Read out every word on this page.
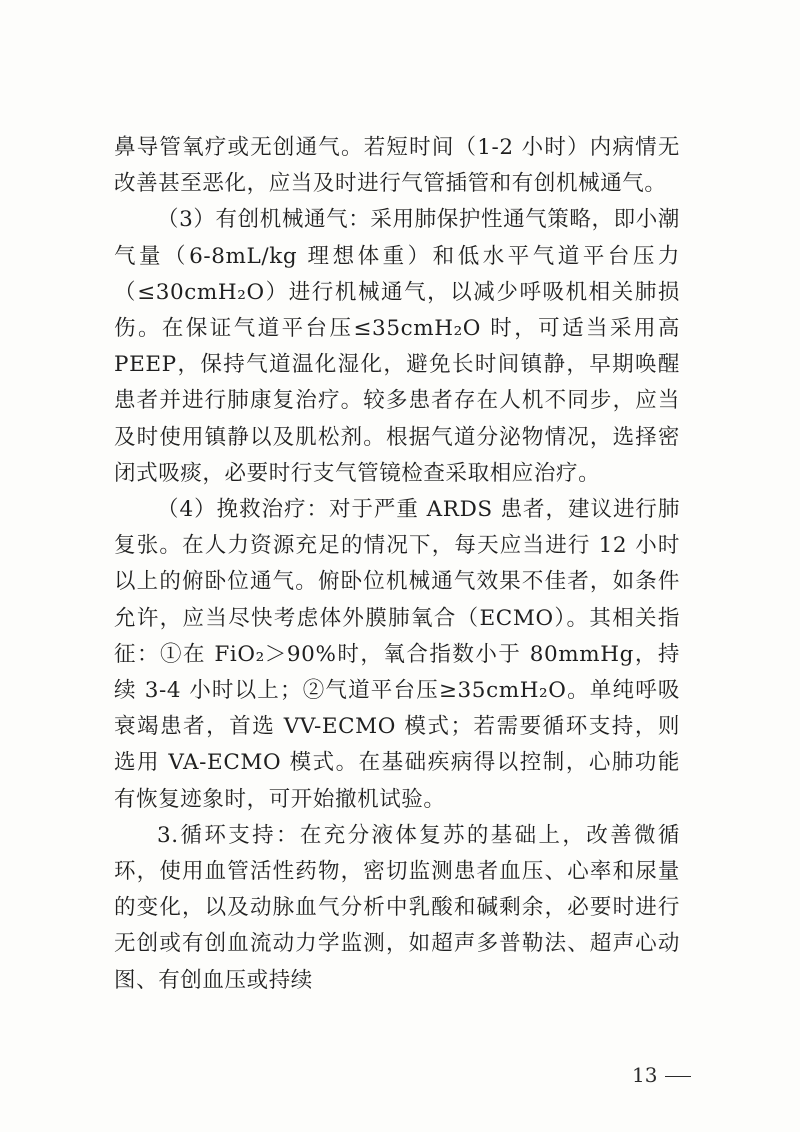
鼻导管氧疗或无创通气。若短时间（1-2 小时）内病情无改善甚至恶化，应当及时进行气管插管和有创机械通气。

（3）有创机械通气：采用肺保护性通气策略，即小潮气量（6-8mL/kg 理想体重）和低水平气道平台压力（≤30cmH₂O）进行机械通气，以减少呼吸机相关肺损伤。在保证气道平台压≤35cmH₂O 时，可适当采用高 PEEP，保持气道温化湿化，避免长时间镇静，早期唤醒患者并进行肺康复治疗。较多患者存在人机不同步，应当及时使用镇静以及肌松剂。根据气道分泌物情况，选择密闭式吸痰，必要时行支气管镜检查采取相应治疗。

（4）挽救治疗：对于严重 ARDS 患者，建议进行肺复张。在人力资源充足的情况下，每天应当进行 12 小时以上的俯卧位通气。俯卧位机械通气效果不佳者，如条件允许，应当尽快考虑体外膜肺氧合（ECMO）。其相关指征：①在 FiO₂＞90%时，氧合指数小于 80mmHg，持续 3-4 小时以上；②气道平台压≥35cmH₂O。单纯呼吸衰竭患者，首选 VV-ECMO 模式；若需要循环支持，则选用 VA-ECMO 模式。在基础疾病得以控制，心肺功能有恢复迹象时，可开始撤机试验。

3.循环支持：在充分液体复苏的基础上，改善微循环，使用血管活性药物，密切监测患者血压、心率和尿量的变化，以及动脉血气分析中乳酸和碱剩余，必要时进行无创或有创血流动力学监测，如超声多普勒法、超声心动图、有创血压或持续

13
